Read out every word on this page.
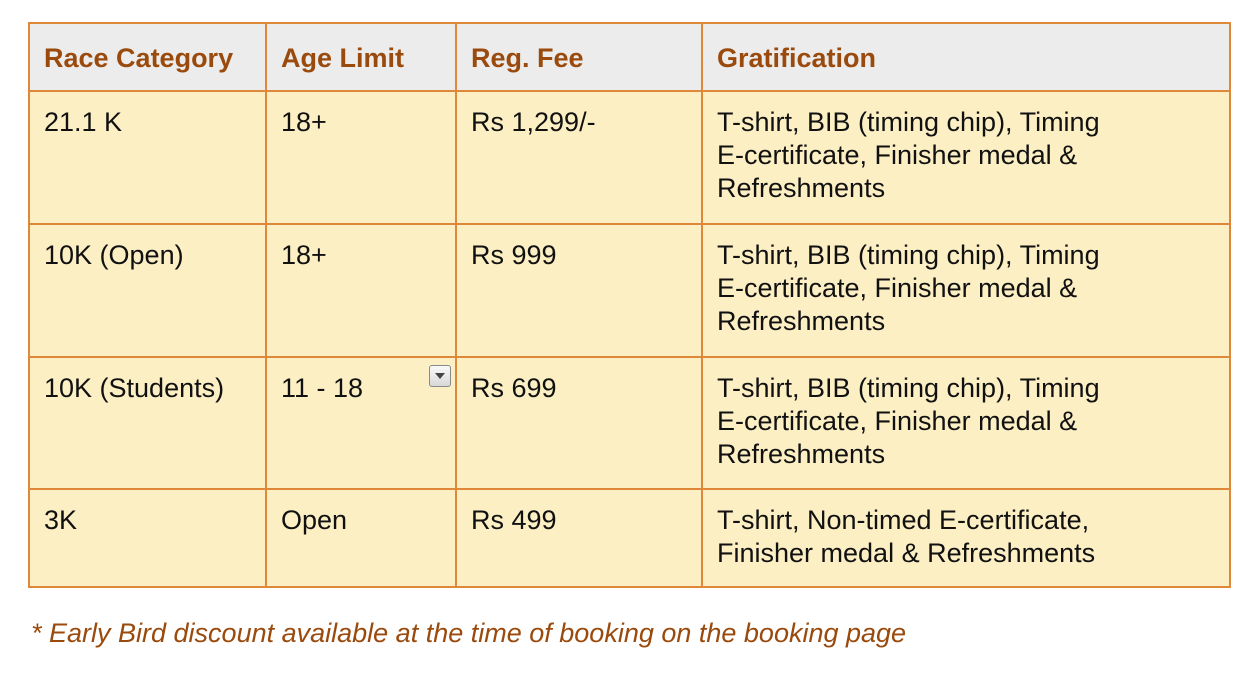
Race Category	Age Limit	Reg. Fee	Gratification
21.1 K	18+	Rs 1,299/-	T-shirt, BIB (timing chip), Timing
E-certificate, Finisher medal &
Refreshments

10K (Open)	18+	Rs 999	T-shirt, BIB (timing chip), Timing
E-certificate, Finisher medal &
Refreshments

10K (Students)	11 - 18	Rs 699	T-shirt, BIB (timing chip), Timing
E-certificate, Finisher medal &
Refreshments

3K	Open	Rs 499	T-shirt, Non-timed E-certificate,
Finisher medal & Refreshments
* Early Bird discount available at the time of booking on the booking page
